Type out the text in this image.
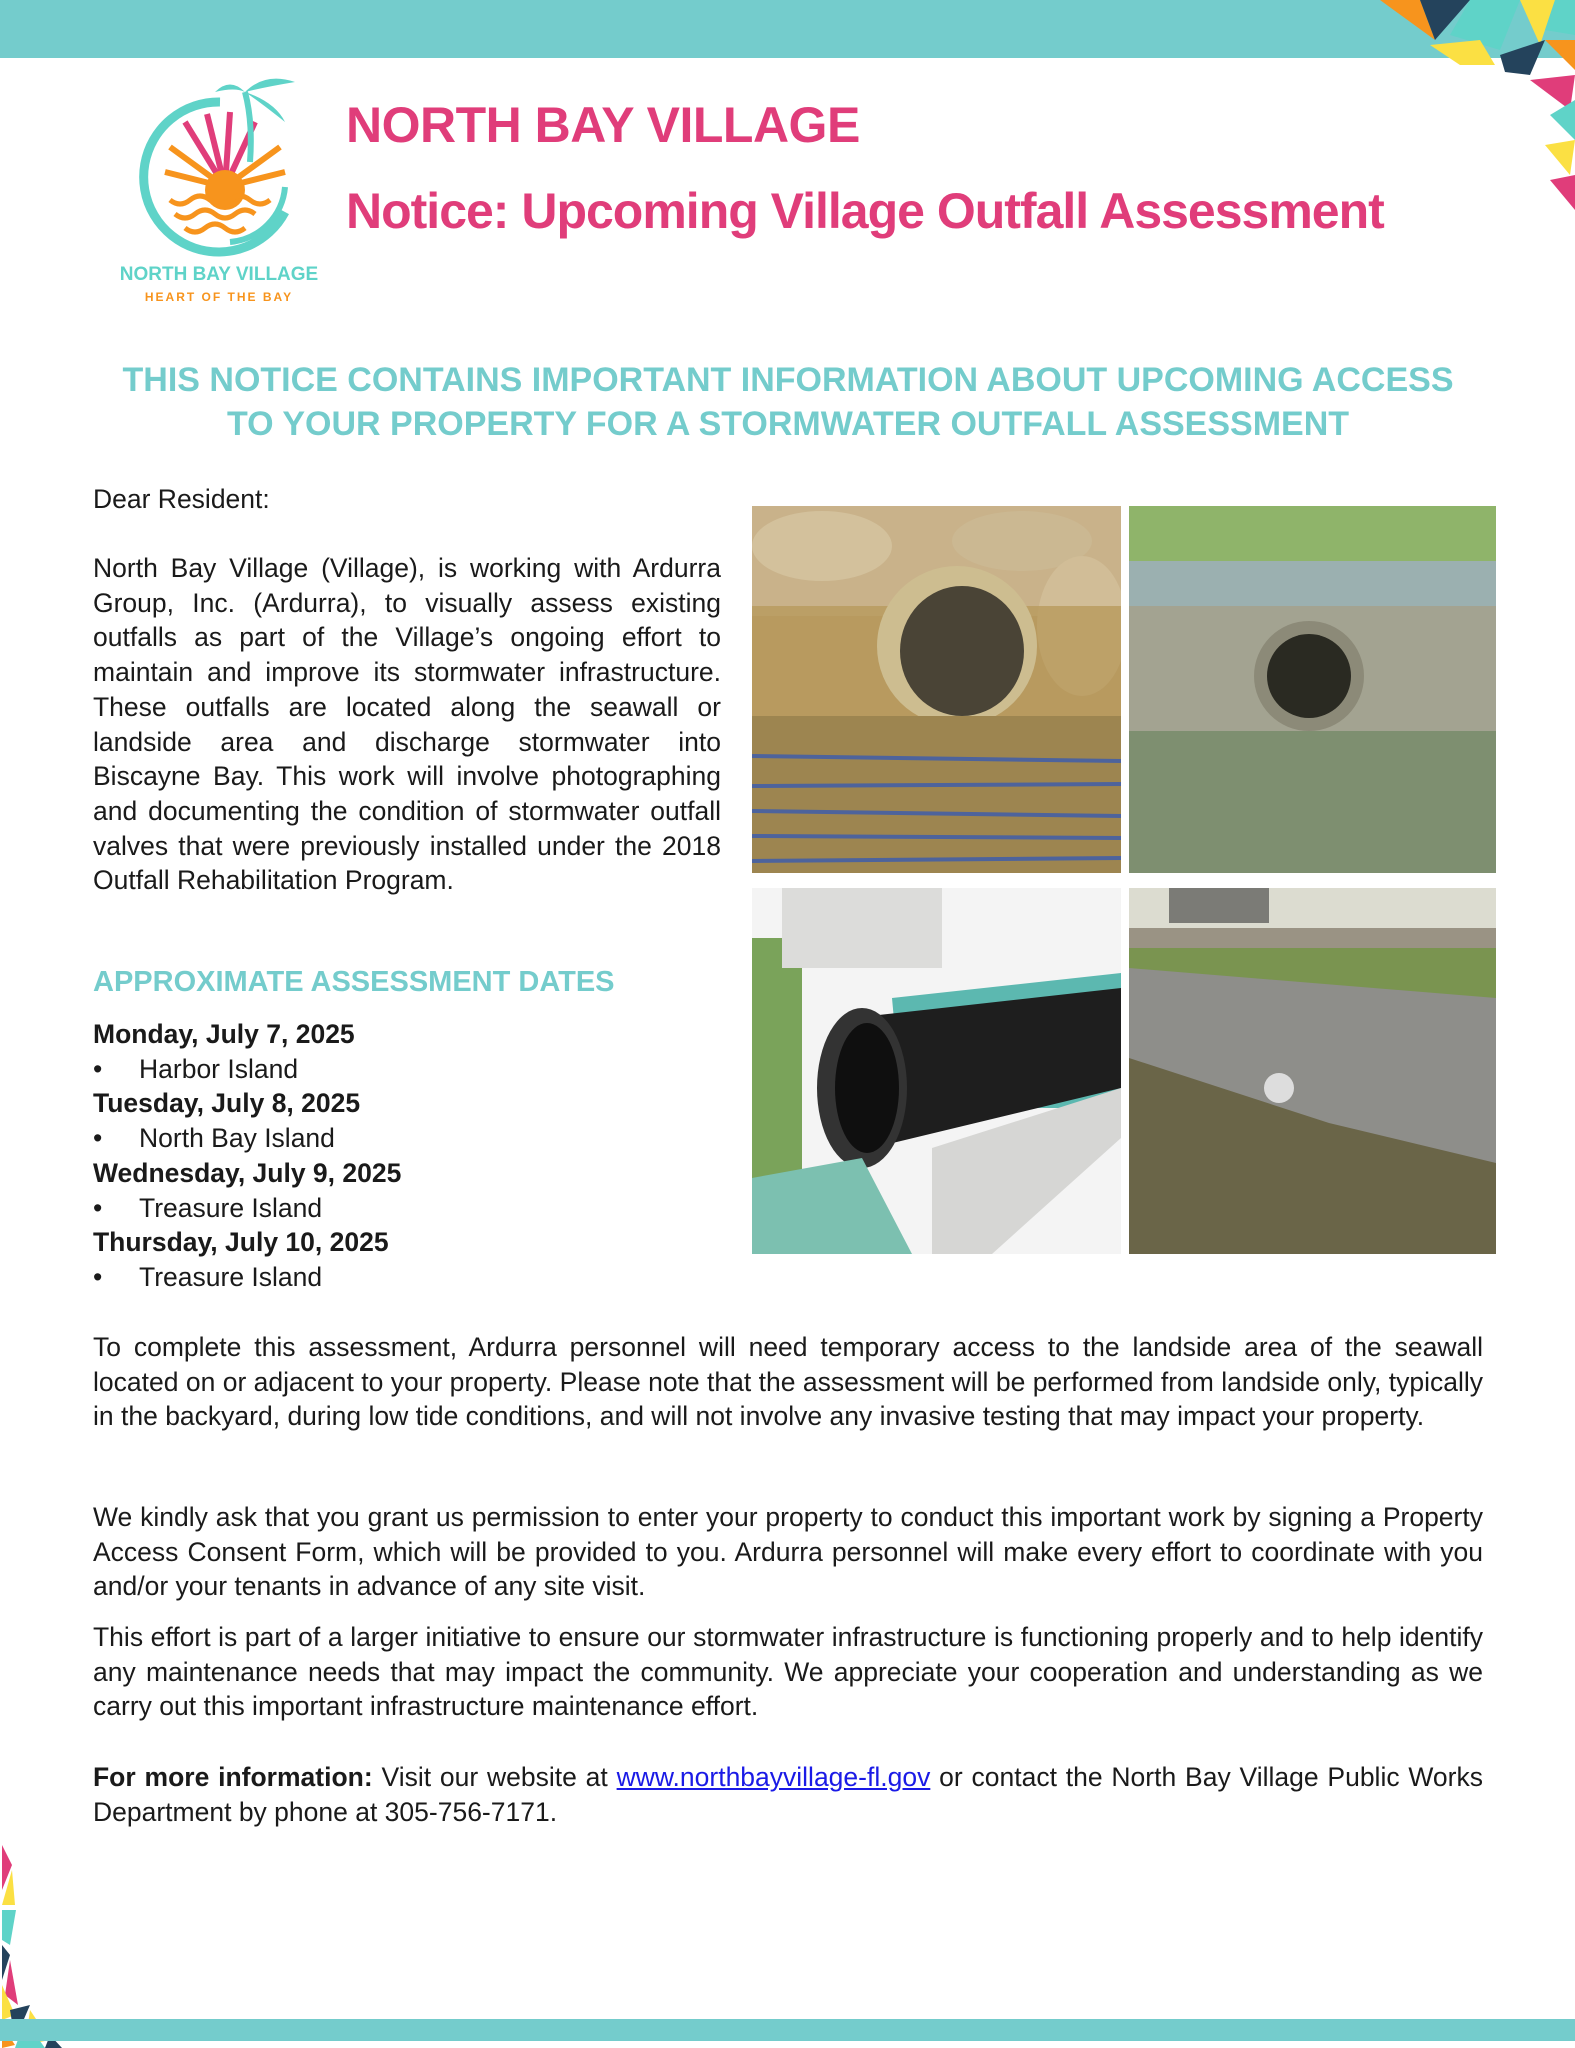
NORTH BAY VILLAGE
HEART OF THE BAY
NORTH BAY VILLAGE
Notice: Upcoming Village Outfall Assessment
THIS NOTICE CONTAINS IMPORTANT INFORMATION ABOUT UPCOMING ACCESS
TO YOUR PROPERTY FOR A STORMWATER OUTFALL ASSESSMENT
Dear Resident:
North Bay Village (Village), is working with Ardurra Group, Inc. (Ardurra), to visually assess existing outfalls as part of the Village’s ongoing effort to maintain and improve its stormwater infrastructure. These outfalls are located along the seawall or landside area and discharge stormwater into Biscayne Bay. This work will involve photographing and documenting the condition of stormwater outfall valves that were previously installed under the 2018 Outfall Rehabilitation Program.
APPROXIMATE ASSESSMENT DATES
Monday, July 7, 2025
• Harbor Island
Tuesday, July 8, 2025
• North Bay Island
Wednesday, July 9, 2025
• Treasure Island
Thursday, July 10, 2025
• Treasure Island
To complete this assessment, Ardurra personnel will need temporary access to the landside area of the seawall located on or adjacent to your property. Please note that the assessment will be performed from landside only, typically in the backyard, during low tide conditions, and will not involve any invasive testing that may impact your property.
We kindly ask that you grant us permission to enter your property to conduct this important work by signing a Property Access Consent Form, which will be provided to you. Ardurra personnel will make every effort to coordinate with you and/or your tenants in advance of any site visit.
This effort is part of a larger initiative to ensure our stormwater infrastructure is functioning properly and to help identify any maintenance needs that may impact the community. We appreciate your cooperation and understanding as we carry out this important infrastructure maintenance effort.
For more information: Visit our website at www.northbayvillage-fl.gov or contact the North Bay Village Public Works Department by phone at 305-756-7171.
